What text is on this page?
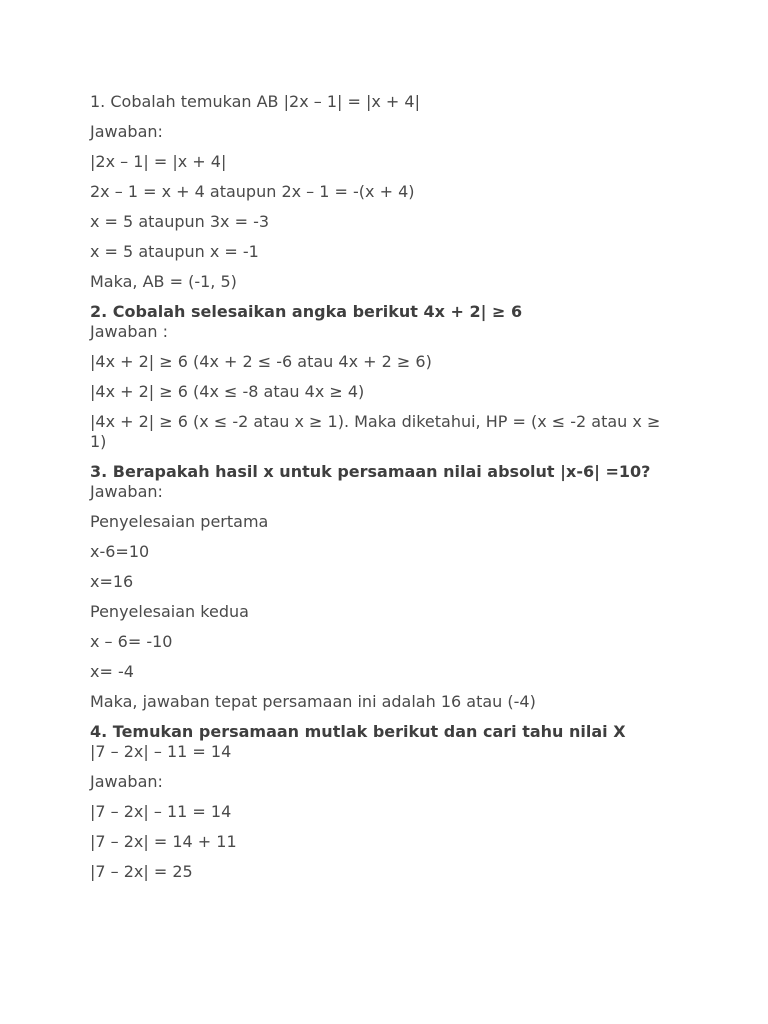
1. Cobalah temukan AB |2x – 1| = |x + 4|
Jawaban:
|2x – 1| = |x + 4|
2x – 1 = x + 4 ataupun 2x – 1 = -(x + 4)
x = 5 ataupun 3x = -3
x = 5 ataupun x = -1
Maka, AB = (-1, 5)
2. Cobalah selesaikan angka berikut 4x + 2| ≥ 6
Jawaban :
|4x + 2| ≥ 6 (4x + 2 ≤ -6 atau 4x + 2 ≥ 6)
|4x + 2| ≥ 6 (4x ≤ -8 atau 4x ≥ 4)
|4x + 2| ≥ 6 (x ≤ -2 atau x ≥ 1). Maka diketahui, HP = (x ≤ -2 atau x ≥ 1)
3. Berapakah hasil x untuk persamaan nilai absolut |x-6| =10?
Jawaban:
Penyelesaian pertama
x-6=10
x=16
Penyelesaian kedua
x – 6= -10
x= -4
Maka, jawaban tepat persamaan ini adalah 16 atau (-4)
4. Temukan persamaan mutlak berikut dan cari tahu nilai X
|7 – 2x| – 11 = 14
Jawaban:
|7 – 2x| – 11 = 14
|7 – 2x| = 14 + 11
|7 – 2x| = 25
